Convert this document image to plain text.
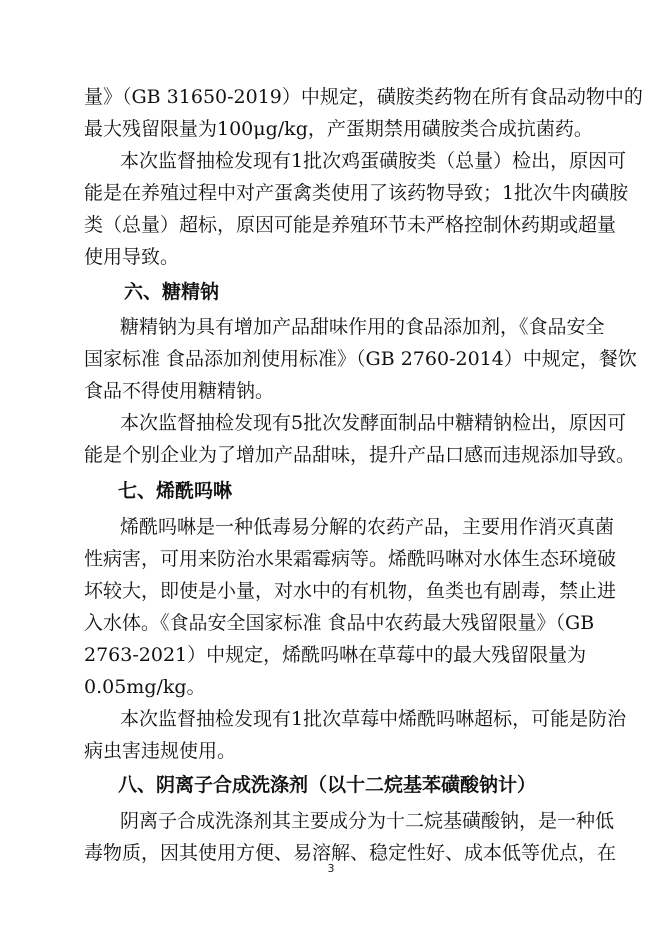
量》（GB 31650-2019）中规定，磺胺类药物在所有食品动物中的

最大残留限量为100μg/kg，产蛋期禁用磺胺类合成抗菌药。

本次监督抽检发现有1批次鸡蛋磺胺类（总量）检出，原因可

能是在养殖过程中对产蛋禽类使用了该药物导致；1批次牛肉磺胺

类（总量）超标，原因可能是养殖环节未严格控制休药期或超量

使用导致。

六、糖精钠

糖精钠为具有增加产品甜味作用的食品添加剂，《食品安全

国家标准 食品添加剂使用标准》（GB 2760-2014）中规定，餐饮

食品不得使用糖精钠。

本次监督抽检发现有5批次发酵面制品中糖精钠检出，原因可

能是个别企业为了增加产品甜味，提升产品口感而违规添加导致。

七、烯酰吗啉

烯酰吗啉是一种低毒易分解的农药产品，主要用作消灭真菌

性病害，可用来防治水果霜霉病等。烯酰吗啉对水体生态环境破

坏较大，即使是小量，对水中的有机物，鱼类也有剧毒，禁止进

入水体。《食品安全国家标准 食品中农药最大残留限量》（GB

2763-2021）中规定，烯酰吗啉在草莓中的最大残留限量为

0.05mg/kg。

本次监督抽检发现有1批次草莓中烯酰吗啉超标，可能是防治

病虫害违规使用。

八、阴离子合成洗涤剂（以十二烷基苯磺酸钠计）

阴离子合成洗涤剂其主要成分为十二烷基磺酸钠，是一种低

毒物质，因其使用方便、易溶解、稳定性好、成本低等优点，在

3
